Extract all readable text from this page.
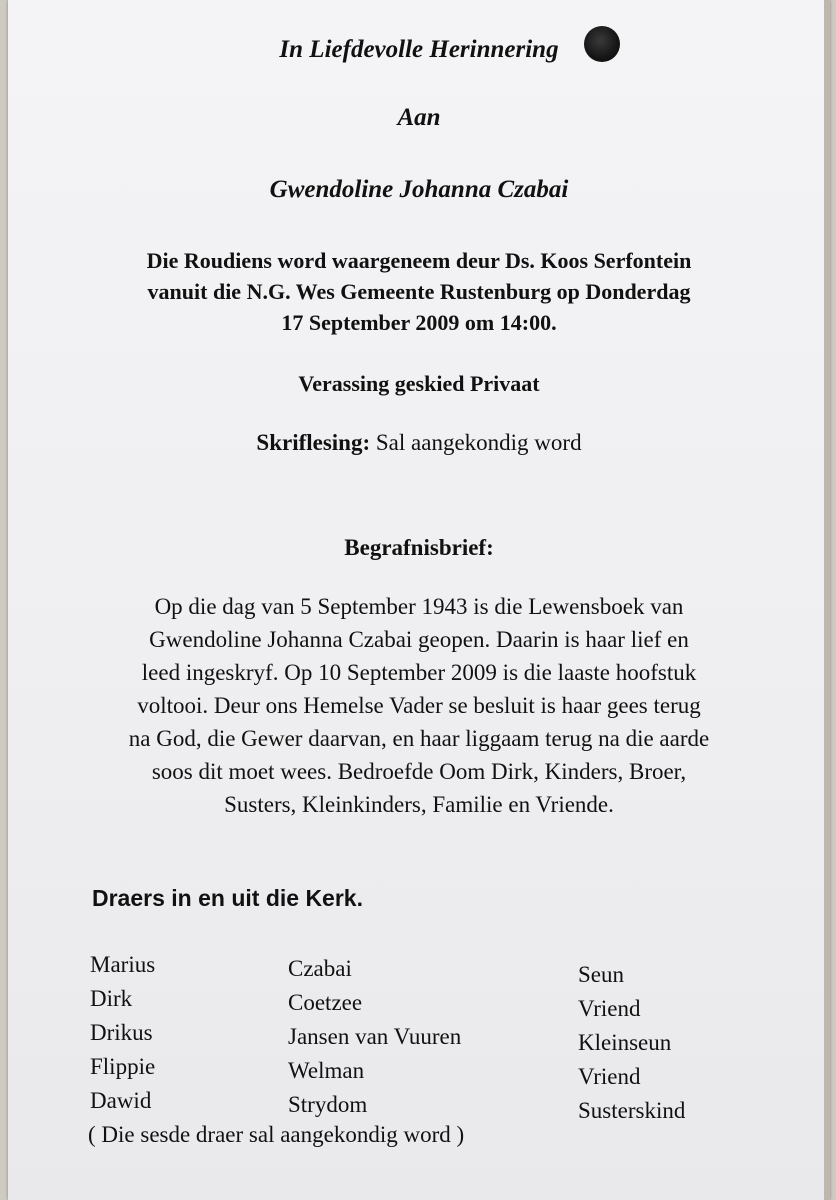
In Liefdevolle Herinnering
Aan
Gwendoline Johanna Czabai
Die Roudiens word waargeneem deur Ds. Koos Serfontein
vanuit die N.G. Wes Gemeente Rustenburg op Donderdag
17 September 2009 om 14:00.
Verassing geskied Privaat
Skriflesing: Sal aangekondig word
Begrafnisbrief:
Op die dag van 5 September 1943 is die Lewensboek van
Gwendoline Johanna Czabai geopen. Daarin is haar lief en
leed ingeskryf. Op 10 September 2009 is die laaste hoofstuk
voltooi. Deur ons Hemelse Vader se besluit is haar gees terug
na God, die Gewer daarvan, en haar liggaam terug na die aarde
soos dit moet wees. Bedroefde Oom Dirk, Kinders, Broer,
Susters, Kleinkinders, Familie en Vriende.
Draers in en uit die Kerk.
Marius
Dirk
Drikus
Flippie
Dawid
Czabai
Coetzee
Jansen van Vuuren
Welman
Strydom
Seun
Vriend
Kleinseun
Vriend
Susterskind
( Die sesde draer sal aangekondig word )
